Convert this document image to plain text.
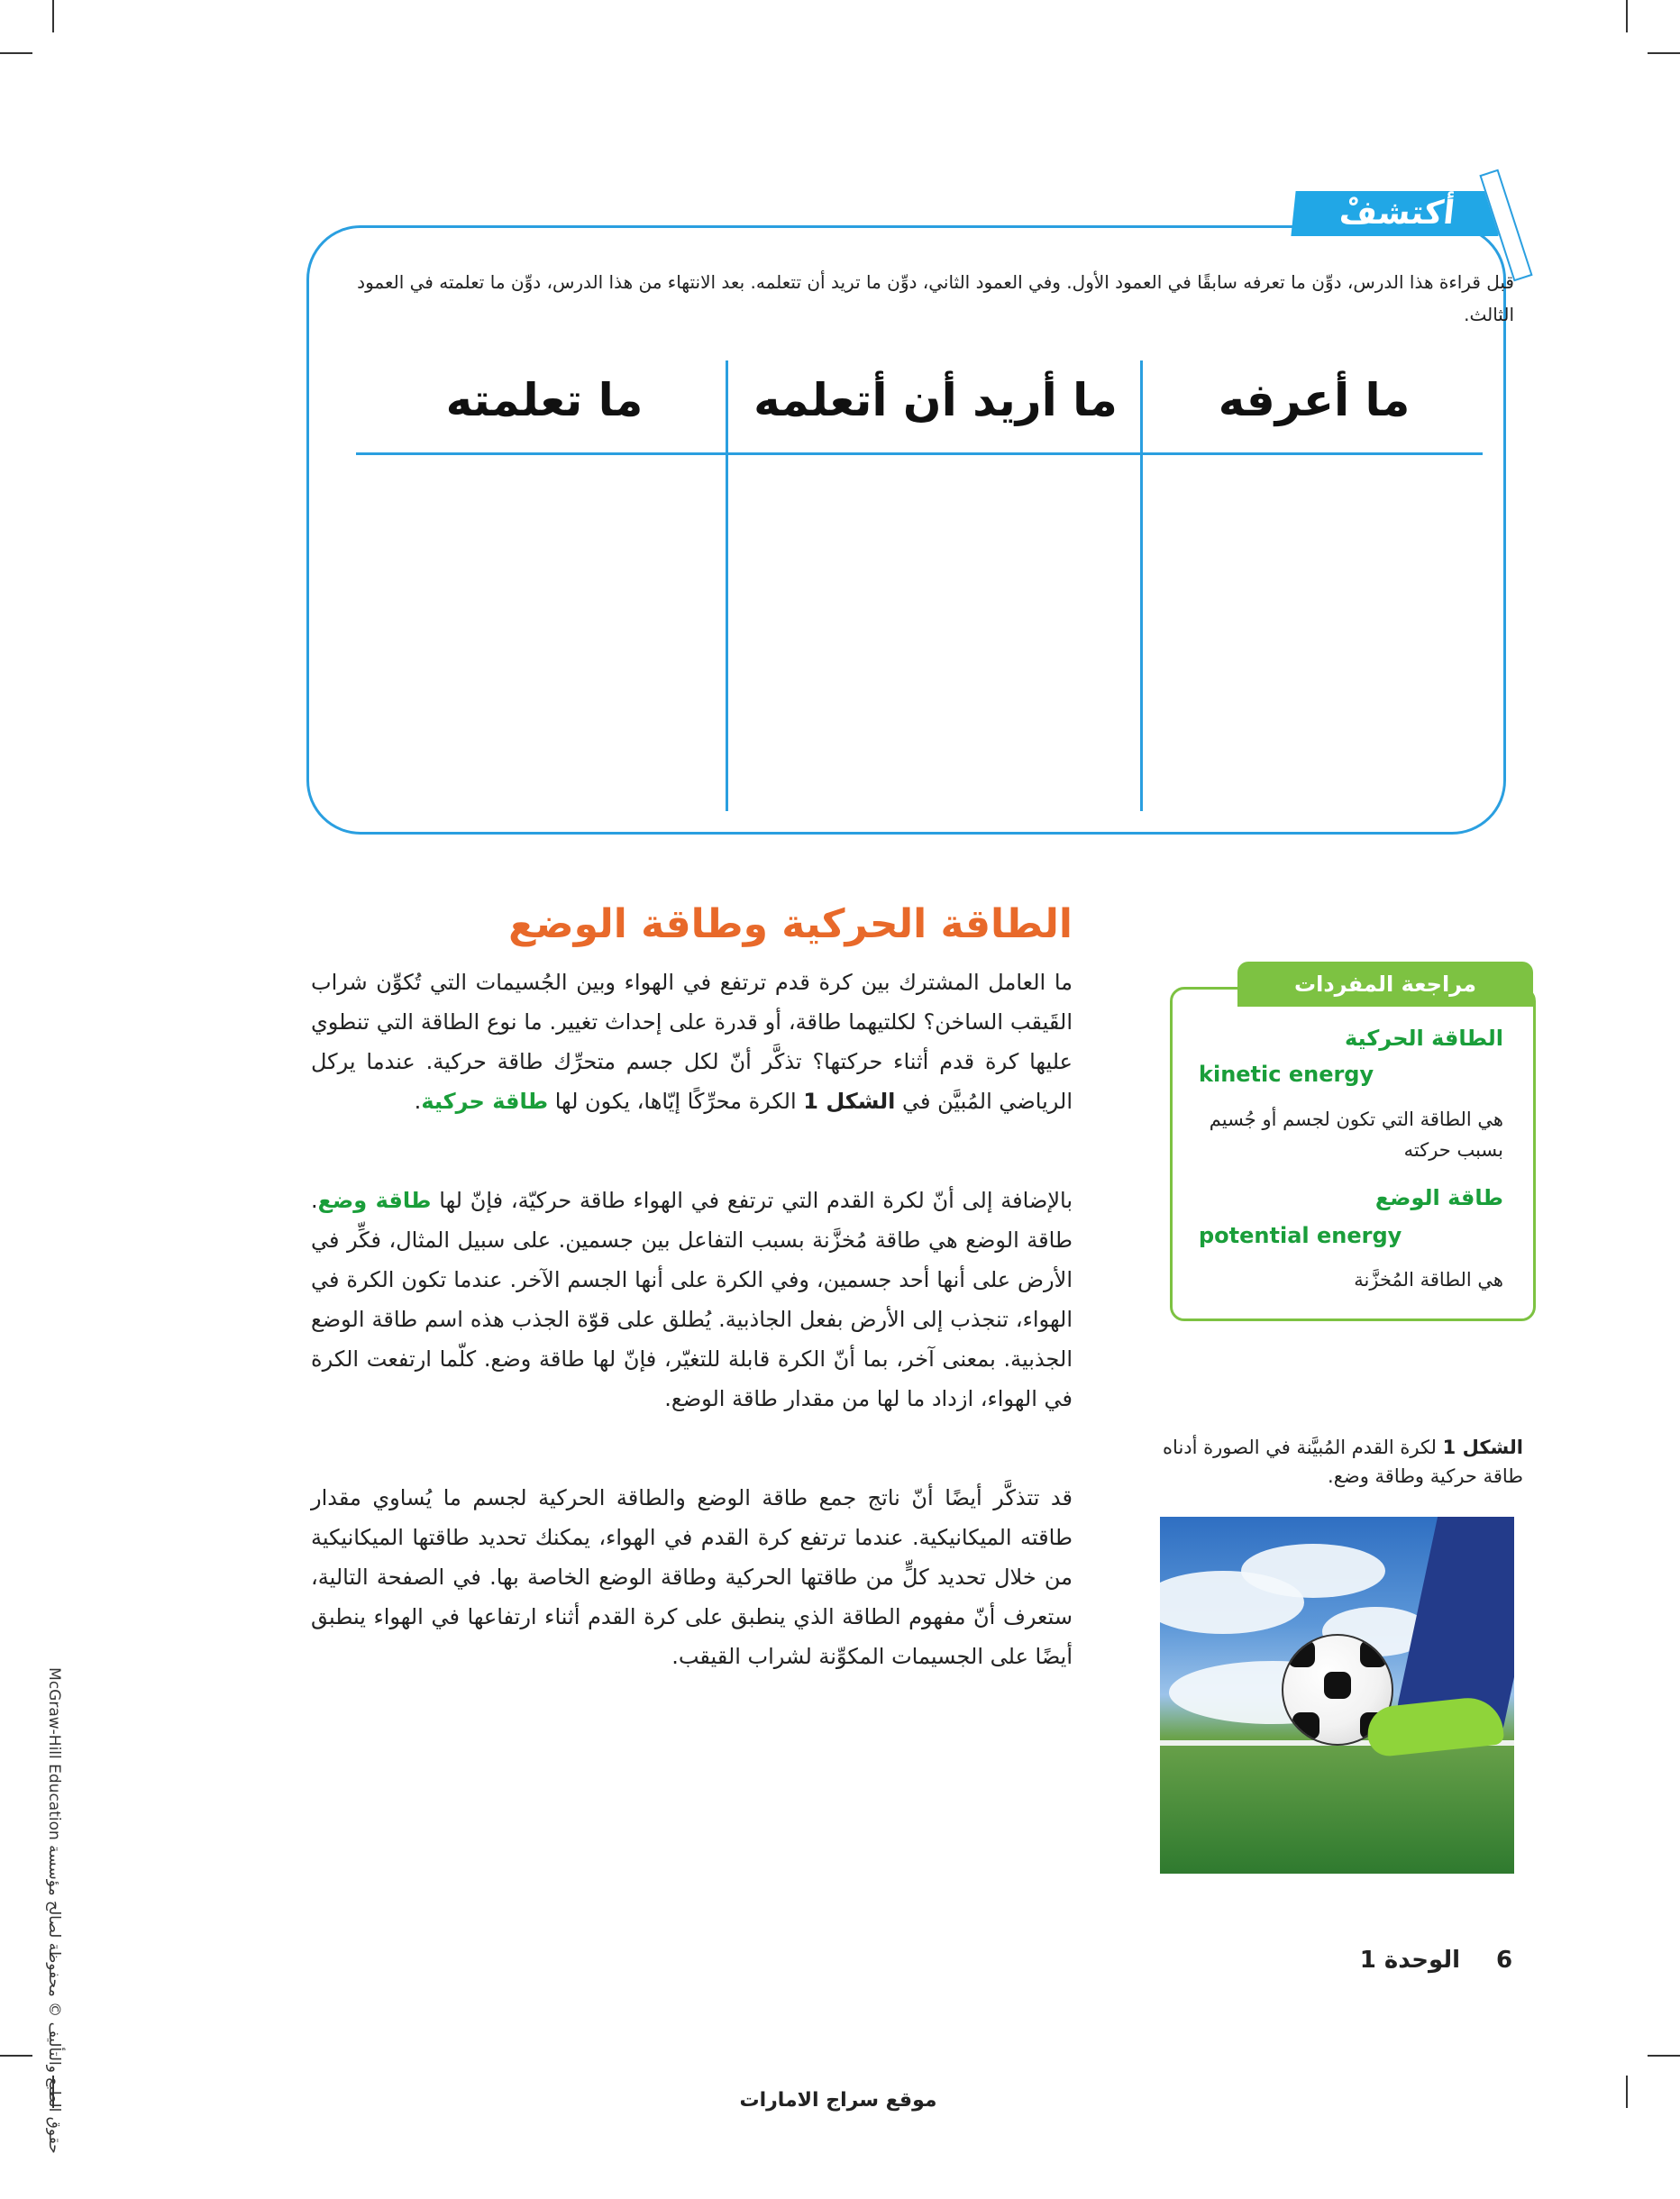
أكتشفْ
قبل قراءة هذا الدرس، دوِّن ما تعرفه سابقًا في العمود الأول. وفي العمود الثاني، دوِّن ما تريد أن تتعلمه. بعد الانتهاء من هذا الدرس، دوِّن ما تعلمته في العمود الثالث.
ما أعرفه
ما أريد أن أتعلمه
ما تعلمته
الطاقة الحركية وطاقة الوضع

ما العامل المشترك بين كرة قدم ترتفع في الهواء وبين الجُسيمات التي تُكوِّن شراب القَيقب الساخن؟ لكلتيهما طاقة، أو قدرة على إحداث تغيير. ما نوع الطاقة التي تنطوي عليها كرة قدم أثناء حركتها؟ تذكَّر أنّ لكل جسم متحرِّك طاقة حركية. عندما يركل الرياضي المُبيَّن في الشكل 1 الكرة محرِّكًا إيّاها، يكون لها طاقة حركية.

بالإضافة إلى أنّ لكرة القدم التي ترتفع في الهواء طاقة حركيّة، فإنّ لها طاقة وضع. طاقة الوضع هي طاقة مُخزَّنة بسبب التفاعل بين جسمين. على سبيل المثال، فكِّر في الأرض على أنها أحد جسمين، وفي الكرة على أنها الجسم الآخر. عندما تكون الكرة في الهواء، تنجذب إلى الأرض بفعل الجاذبية. يُطلق على قوّة الجذب هذه اسم طاقة الوضع الجذبية. بمعنى آخر، بما أنّ الكرة قابلة للتغيّر، فإنّ لها طاقة وضع. كلّما ارتفعت الكرة في الهواء، ازداد ما لها من مقدار طاقة الوضع.

قد تتذكَّر أيضًا أنّ ناتج جمع طاقة الوضع والطاقة الحركية لجسم ما يُساوي مقدار طاقته الميكانيكية. عندما ترتفع كرة القدم في الهواء، يمكنك تحديد طاقتها الميكانيكية من خلال تحديد كلٍّ من طاقتها الحركية وطاقة الوضع الخاصة بها. في الصفحة التالية، ستعرف أنّ مفهوم الطاقة الذي ينطبق على كرة القدم أثناء ارتفاعها في الهواء ينطبق أيضًا على الجسيمات المكوِّنة لشراب القيقب.

مراجعة المفردات
الطاقة الحركية
kinetic energy
هي الطاقة التي تكون لجسم أو جُسيم بسبب حركته
طاقة الوضع
potential energy
هي الطاقة المُخزَّنة
الشكل 1 لكرة القدم المُبيَّنة في الصورة أدناه طاقة حركية وطاقة وضع.
حقوق الطبع والتأليف © محفوظة لصالح مؤسسة McGraw-Hill Education	6
الوحدة 1
موقع سراج الامارات
